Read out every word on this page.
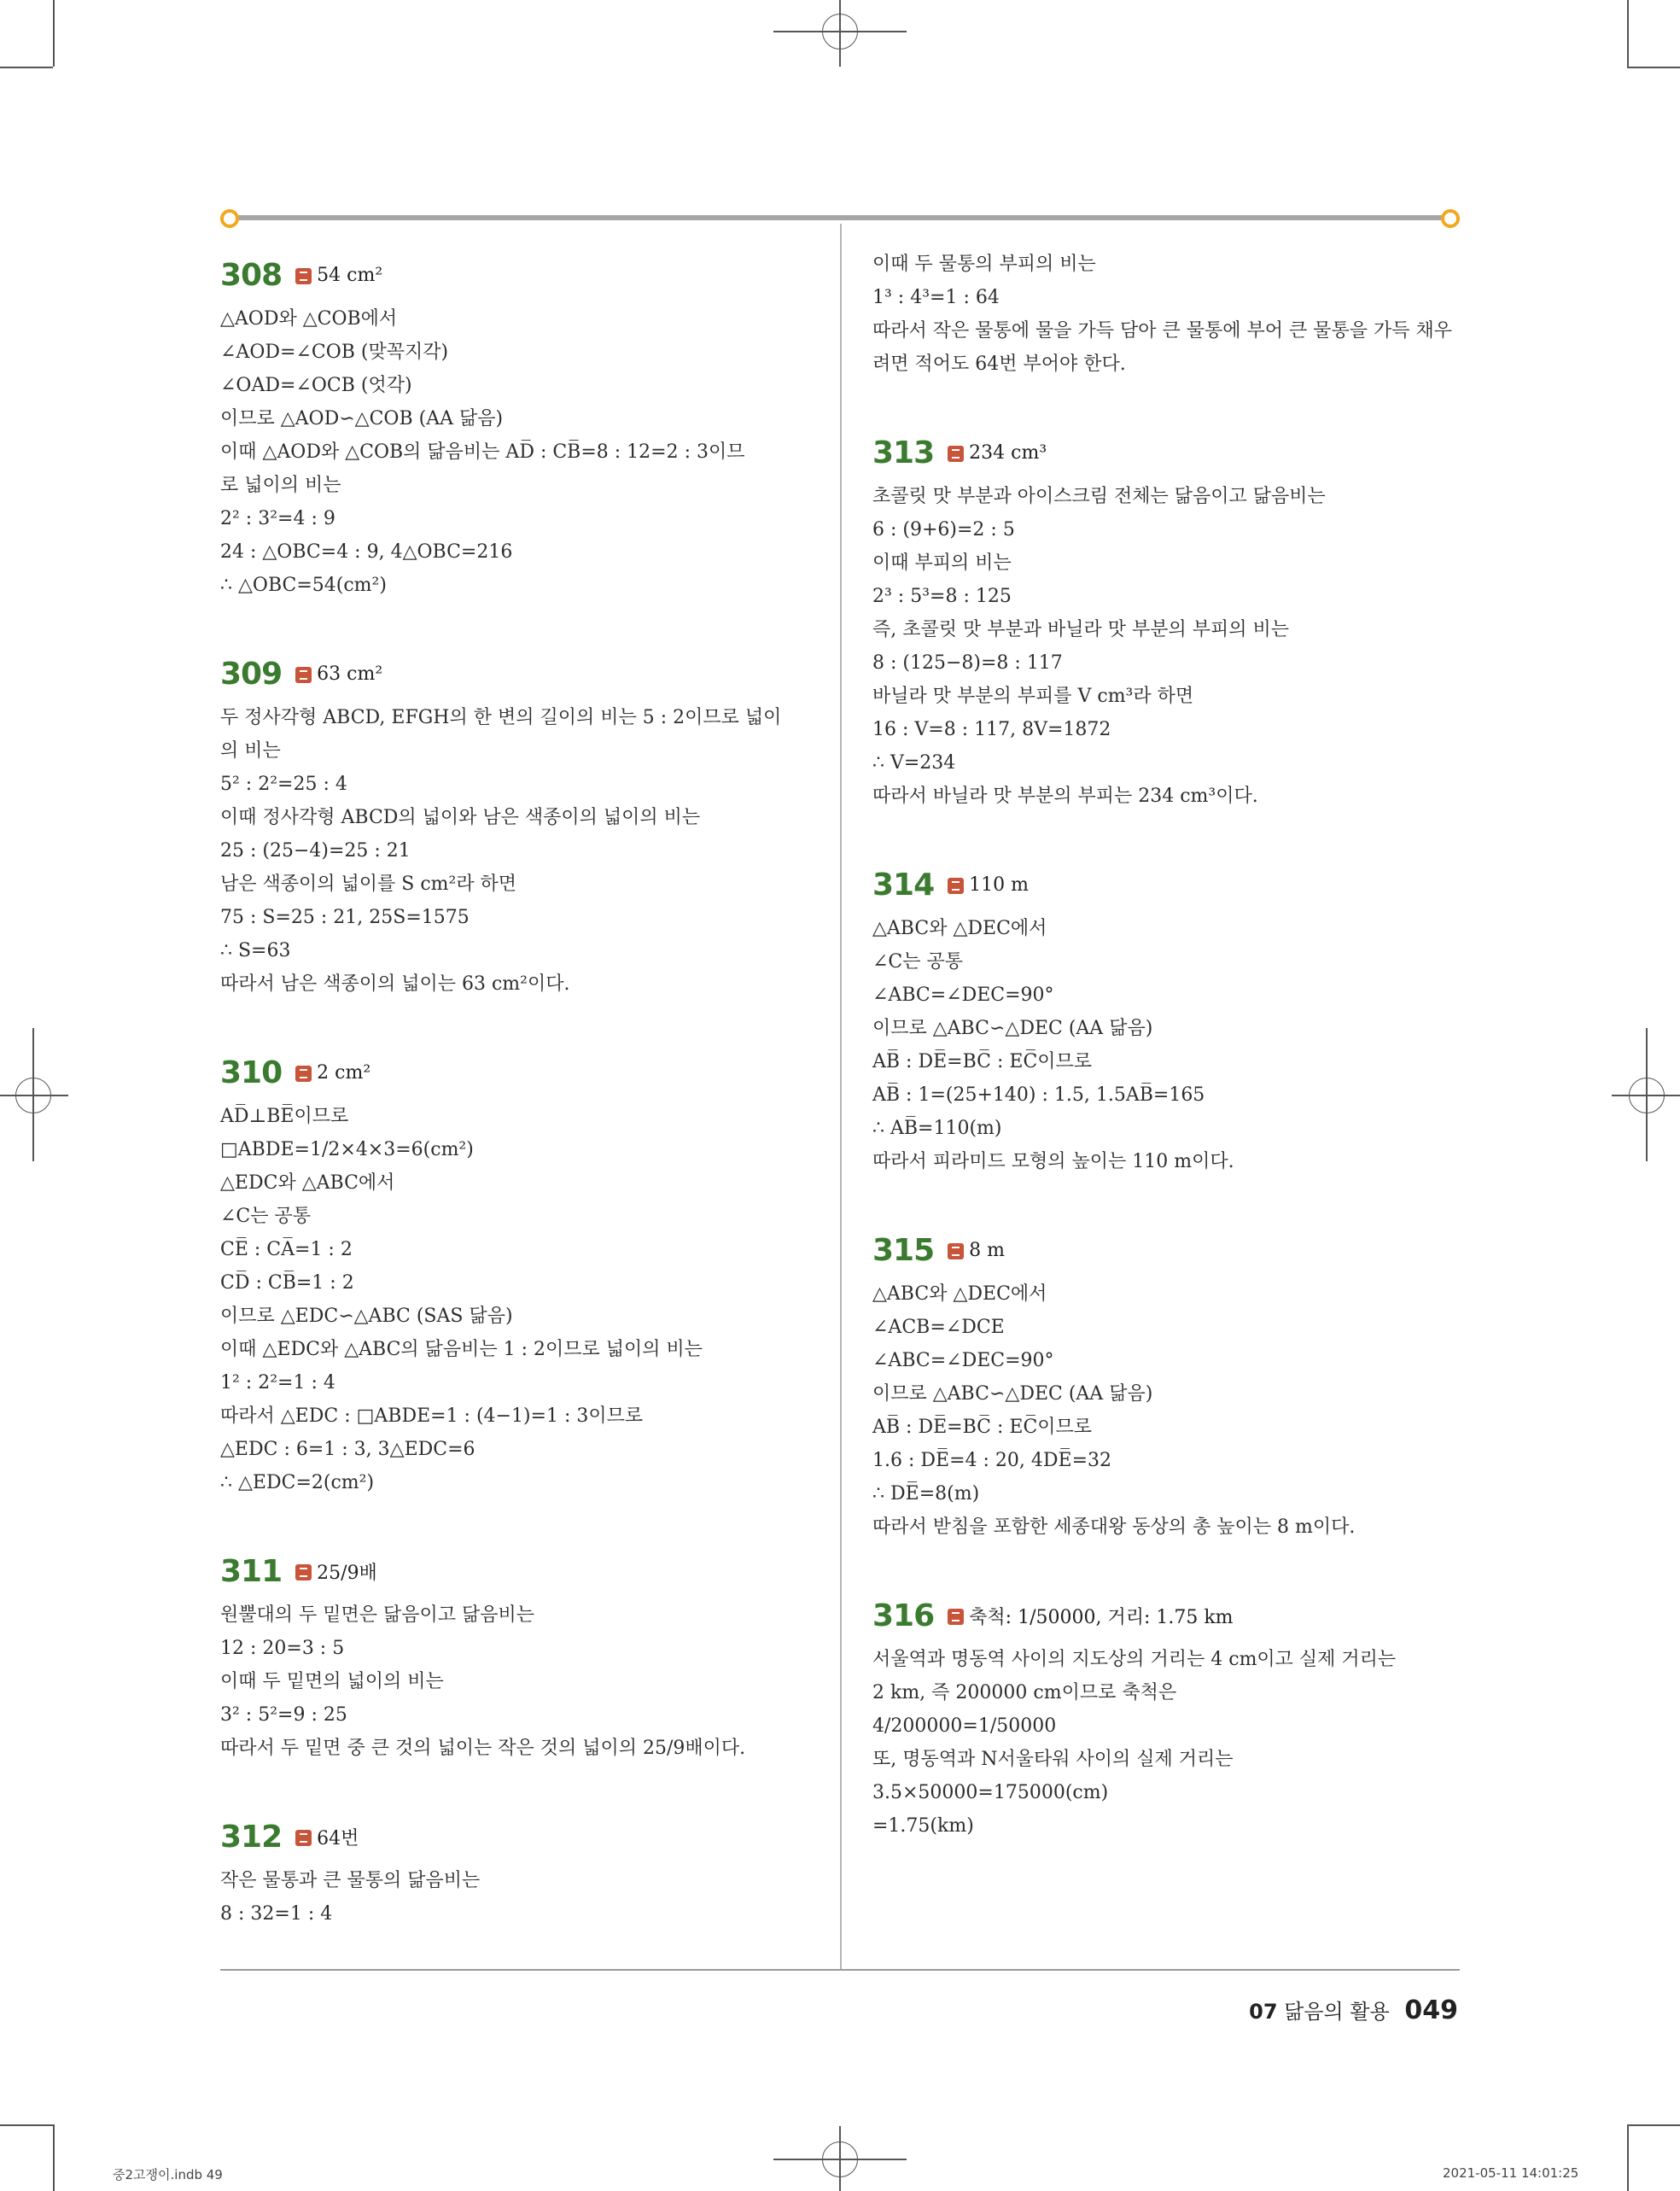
308 54 cm²
△AOD와 △COB에서
∠AOD=∠COB (맞꼭지각)
∠OAD=∠OCB (엇각)
이므로 △AOD∽△COB (AA 닮음)
이때 △AOD와 △COB의 닮음비는 AD̅ : CB̅=8 : 12=2 : 3이므
로 넓이의 비는
2² : 3²=4 : 9
24 : △OBC=4 : 9, 4△OBC=216
∴ △OBC=54(cm²)
309 63 cm²
두 정사각형 ABCD, EFGH의 한 변의 길이의 비는 5 : 2이므로 넓이
의 비는
5² : 2²=25 : 4
이때 정사각형 ABCD의 넓이와 남은 색종이의 넓이의 비는
25 : (25−4)=25 : 21
남은 색종이의 넓이를 S cm²라 하면
75 : S=25 : 21, 25S=1575
∴ S=63
따라서 남은 색종이의 넓이는 63 cm²이다.
310 2 cm²
AD̅⊥BE̅이므로
□ABDE=1/2×4×3=6(cm²)
△EDC와 △ABC에서
∠C는 공통
CE̅ : CA̅=1 : 2
CD̅ : CB̅=1 : 2
이므로 △EDC∽△ABC (SAS 닮음)
이때 △EDC와 △ABC의 닮음비는 1 : 2이므로 넓이의 비는
1² : 2²=1 : 4
따라서 △EDC : □ABDE=1 : (4−1)=1 : 3이므로
△EDC : 6=1 : 3, 3△EDC=6
∴ △EDC=2(cm²)
311 25/9배
원뿔대의 두 밑면은 닮음이고 닮음비는
12 : 20=3 : 5
이때 두 밑면의 넓이의 비는
3² : 5²=9 : 25
따라서 두 밑면 중 큰 것의 넓이는 작은 것의 넓이의 25/9배이다.
312 64번
작은 물통과 큰 물통의 닮음비는
8 : 32=1 : 4
이때 두 물통의 부피의 비는
1³ : 4³=1 : 64
따라서 작은 물통에 물을 가득 담아 큰 물통에 부어 큰 물통을 가득 채우
려면 적어도 64번 부어야 한다.
313 234 cm³
초콜릿 맛 부분과 아이스크림 전체는 닮음이고 닮음비는
6 : (9+6)=2 : 5
이때 부피의 비는
2³ : 5³=8 : 125
즉, 초콜릿 맛 부분과 바닐라 맛 부분의 부피의 비는
8 : (125−8)=8 : 117
바닐라 맛 부분의 부피를 V cm³라 하면
16 : V=8 : 117, 8V=1872
∴ V=234
따라서 바닐라 맛 부분의 부피는 234 cm³이다.
314 110 m
△ABC와 △DEC에서
∠C는 공통
∠ABC=∠DEC=90°
이므로 △ABC∽△DEC (AA 닮음)
AB̅ : DE̅=BC̅ : EC̅이므로
AB̅ : 1=(25+140) : 1.5, 1.5AB̅=165
∴ AB̅=110(m)
따라서 피라미드 모형의 높이는 110 m이다.
315 8 m
△ABC와 △DEC에서
∠ACB=∠DCE
∠ABC=∠DEC=90°
이므로 △ABC∽△DEC (AA 닮음)
AB̅ : DE̅=BC̅ : EC̅이므로
1.6 : DE̅=4 : 20, 4DE̅=32
∴ DE̅=8(m)
따라서 받침을 포함한 세종대왕 동상의 총 높이는 8 m이다.
316 축척: 1/50000, 거리: 1.75 km
서울역과 명동역 사이의 지도상의 거리는 4 cm이고 실제 거리는
2 km, 즉 200000 cm이므로 축척은
4/200000=1/50000
또, 명동역과 N서울타워 사이의 실제 거리는
3.5×50000=175000(cm)
=1.75(km)
07 닮음의 활용 049
중2고쟁이.indb 49	2021-05-11 14:01:25
